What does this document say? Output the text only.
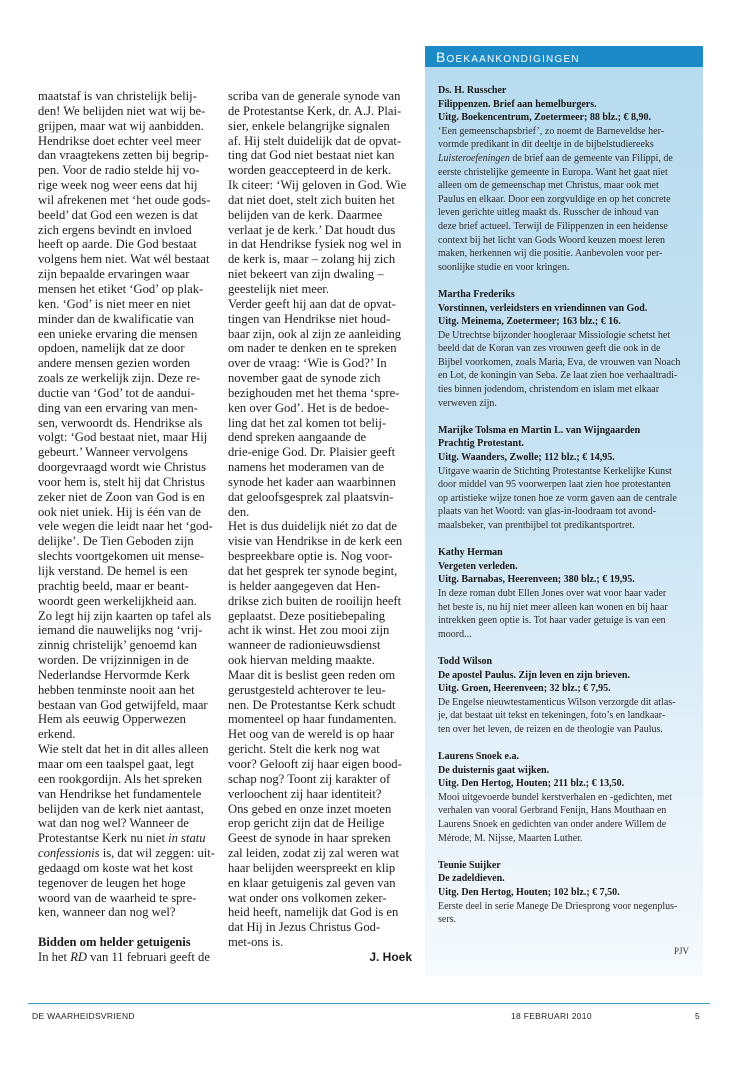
maatstaf is van christelijk belij-
den! We belijden niet wat wij be-
grijpen, maar wat wij aanbidden.
Hendrikse doet echter veel meer
dan vraagtekens zetten bij begrip-
pen. Voor de radio stelde hij vo-
rige week nog weer eens dat hij
wil afrekenen met ‘het oude gods-
beeld’ dat God een wezen is dat
zich ergens bevindt en invloed
heeft op aarde. Die God bestaat
volgens hem niet. Wat wél bestaat
zijn bepaalde ervaringen waar
mensen het etiket ‘God’ op plak-
ken. ‘God’ is niet meer en niet
minder dan de kwalificatie van
een unieke ervaring die mensen
opdoen, namelijk dat ze door
andere mensen gezien worden
zoals ze werkelijk zijn. Deze re-
ductie van ‘God’ tot de aandui-
ding van een ervaring van men-
sen, verwoordt ds. Hendrikse als
volgt: ‘God bestaat niet, maar Hij
gebeurt.’ Wanneer vervolgens
doorgevraagd wordt wie Christus
voor hem is, stelt hij dat Christus
zeker niet de Zoon van God is en
ook niet uniek. Hij is één van de
vele wegen die leidt naar het ‘god-
delijke’. De Tien Geboden zijn
slechts voortgekomen uit mense-
lijk verstand. De hemel is een
prachtig beeld, maar er beant-
woordt geen werkelijkheid aan.
Zo legt hij zijn kaarten op tafel als
iemand die nauwelijks nog ‘vrij-
zinnig christelijk’ genoemd kan
worden. De vrijzinnigen in de
Nederlandse Hervormde Kerk
hebben tenminste nooit aan het
bestaan van God getwijfeld, maar
Hem als eeuwig Opperwezen
erkend.
Wie stelt dat het in dit alles alleen
maar om een taalspel gaat, legt
een rookgordijn. Als het spreken
van Hendrikse het fundamentele
belijden van de kerk niet aantast,
wat dan nog wel? Wanneer de
Protestantse Kerk nu niet in statu
confessionis is, dat wil zeggen: uit-
gedaagd om koste wat het kost
tegenover de leugen het hoge
woord van de waarheid te spre-
ken, wanneer dan nog wel?

Bidden om helder getuigenis
In het RD van 11 februari geeft de
scriba van de generale synode van
de Protestantse Kerk, dr. A.J. Plai-
sier, enkele belangrijke signalen
af. Hij stelt duidelijk dat de opvat-
ting dat God niet bestaat niet kan
worden geaccepteerd in de kerk.
Ik citeer: ‘Wij geloven in God. Wie
dat niet doet, stelt zich buiten het
belijden van de kerk. Daarmee
verlaat je de kerk.’ Dat houdt dus
in dat Hendrikse fysiek nog wel in
de kerk is, maar – zolang hij zich
niet bekeert van zijn dwaling –
geestelijk niet meer.
Verder geeft hij aan dat de opvat-
tingen van Hendrikse niet houd-
baar zijn, ook al zijn ze aanleiding
om nader te denken en te spreken
over de vraag: ‘Wie is God?’ In
november gaat de synode zich
bezighouden met het thema ‘spre-
ken over God’. Het is de bedoe-
ling dat het zal komen tot belij-
dend spreken aangaande de
drie-enige God. Dr. Plaisier geeft
namens het moderamen van de
synode het kader aan waarbinnen
dat geloofsgesprek zal plaatsvin-
den.
Het is dus duidelijk niét zo dat de
visie van Hendrikse in de kerk een
bespreekbare optie is. Nog voor-
dat het gesprek ter synode begint,
is helder aangegeven dat Hen-
drikse zich buiten de rooilijn heeft
geplaatst. Deze positiebepaling
acht ik winst. Het zou mooi zijn
wanneer de radionieuwsdienst
ook hiervan melding maakte.
Maar dit is beslist geen reden om
gerustgesteld achterover te leu-
nen. De Protestantse Kerk schudt
momenteel op haar fundamenten.
Het oog van de wereld is op haar
gericht. Stelt die kerk nog wat
voor? Gelooft zij haar eigen bood-
schap nog? Toont zij karakter of
verloochent zij haar identiteit?
Ons gebed en onze inzet moeten
erop gericht zijn dat de Heilige
Geest de synode in haar spreken
zal leiden, zodat zij zal weren wat
haar belijden weerspreekt en klip
en klaar getuigenis zal geven van
wat onder ons volkomen zeker-
heid heeft, namelijk dat God is en
dat Hij in Jezus Christus God-
met-ons is.
J. Hoek
Boekaankondigingen
Ds. H. Russcher
Filippenzen. Brief aan hemelburgers.
Uitg. Boekencentrum, Zoetermeer; 88 blz.; € 8,90.
‘Een gemeenschapsbrief’, zo noemt de Barneveldse her-
vormde predikant in dit deeltje in de bijbelstudiereeks
Luisteroefeningen de brief aan de gemeente van Filippi, de
eerste christelijke gemeente in Europa. Want het gaat niet
alleen om de gemeenschap met Christus, maar ook met
Paulus en elkaar. Door een zorgvuldige en op het concrete
leven gerichte uitleg maakt ds. Russcher de inhoud van
deze brief actueel. Terwijl de Filippenzen in een heidense
context bij het licht van Gods Woord keuzen moest leren
maken, herkennen wij die positie. Aanbevolen voor per-
soonlijke studie en voor kringen.
Martha Frederiks
Vorstinnen, verleidsters en vriendinnen van God.
Uitg. Meinema, Zoetermeer; 163 blz.; € 16.
De Utrechtse bijzonder hoogleraar Missiologie schetst het
beeld dat de Koran van zes vrouwen geeft die ook in de
Bijbel voorkomen, zoals Maria, Eva, de vrouwen van Noach
en Lot, de koningin van Seba. Ze laat zien hoe verhaaltradi-
ties binnen jodendom, christendom en islam met elkaar
verweven zijn.
Marijke Tolsma en Martin L. van Wijngaarden
Prachtig Protestant.
Uitg. Waanders, Zwolle; 112 blz.; € 14,95.
Uitgave waarin de Stichting Protestantse Kerkelijke Kunst
door middel van 95 voorwerpen laat zien hoe protestanten
op artistieke wijze tonen hoe ze vorm gaven aan de centrale
plaats van het Woord: van glas-in-loodraam tot avond-
maalsbeker, van prentbijbel tot predikantsportret.
Kathy Herman
Vergeten verleden.
Uitg. Barnabas, Heerenveen; 380 blz.; € 19,95.
In deze roman dubt Ellen Jones over wat voor haar vader
het beste is, nu hij niet meer alleen kan wonen en bij haar
intrekken geen optie is. Tot haar vader getuige is van een
moord...
Todd Wilson
De apostel Paulus. Zijn leven en zijn brieven.
Uitg. Groen, Heerenveen; 32 blz.; € 7,95.
De Engelse nieuwtestamenticus Wilson verzorgde dit atlas-
je, dat bestaat uit tekst en tekeningen, foto’s en landkaar-
ten over het leven, de reizen en de theologie van Paulus.
Laurens Snoek e.a.
De duisternis gaat wijken.
Uitg. Den Hertog, Houten; 211 blz.; € 13,50.
Mooi uitgevoerde bundel kerstverhalen en -gedichten, met
verhalen van vooral Gerbrand Fenijn, Hans Mouthaan en
Laurens Snoek en gedichten van onder andere Willem de
Mérode, M. Nijsse, Maarten Luther.
Teunie Suijker
De zadeldieven.
Uitg. Den Hertog, Houten; 102 blz.; € 7,50.
Eerste deel in serie Manege De Driesprong voor negenplus-
sers.
PJV
DE WAARHEIDSVRIEND	18 FEBRUARI 2010	5
